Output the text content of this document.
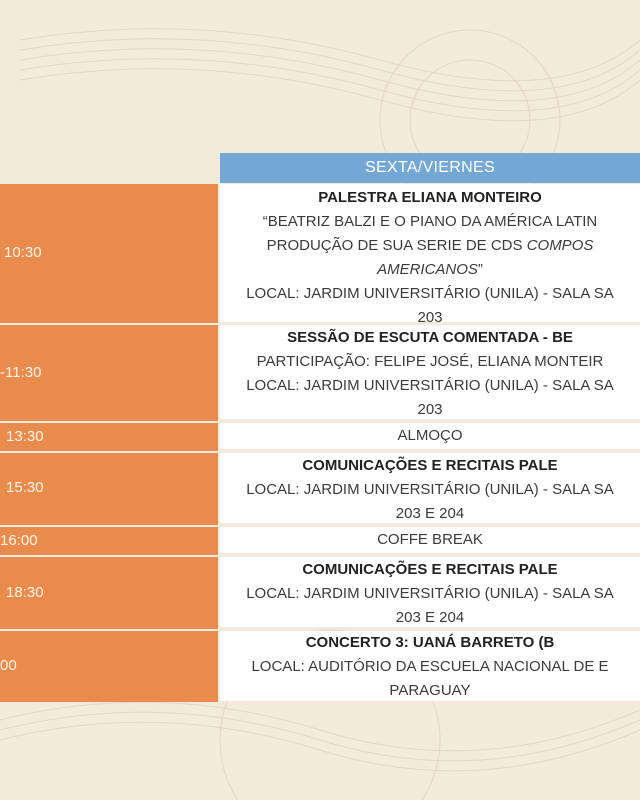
SEXTA/VIERNES
10:30
-11:30
13:30
15:30
16:00
18:30
00
PALESTRA ELIANA MONTEIRO
“BEATRIZ BALZI E O PIANO DA AMÉRICA LATIN
PRODUÇÃO DE SUA SERIE DE CDS COMPOS
AMERICANOS”
LOCAL: JARDIM UNIVERSITÁRIO (UNILA) - SALA SA
203
SESSÃO DE ESCUTA COMENTADA - BE
PARTICIPAÇÃO: FELIPE JOSÉ, ELIANA MONTEIR
LOCAL: JARDIM UNIVERSITÁRIO (UNILA) - SALA SA
203
ALMOÇO
COMUNICAÇÕES E RECITAIS PALE
LOCAL: JARDIM UNIVERSITÁRIO (UNILA) - SALA SA
203 E 204
COFFE BREAK
COMUNICAÇÕES E RECITAIS PALE
LOCAL: JARDIM UNIVERSITÁRIO (UNILA) - SALA SA
203 E 204
CONCERTO 3: UANÁ BARRETO (B
LOCAL: AUDITÓRIO DA ESCUELA NACIONAL DE E
PARAGUAY
